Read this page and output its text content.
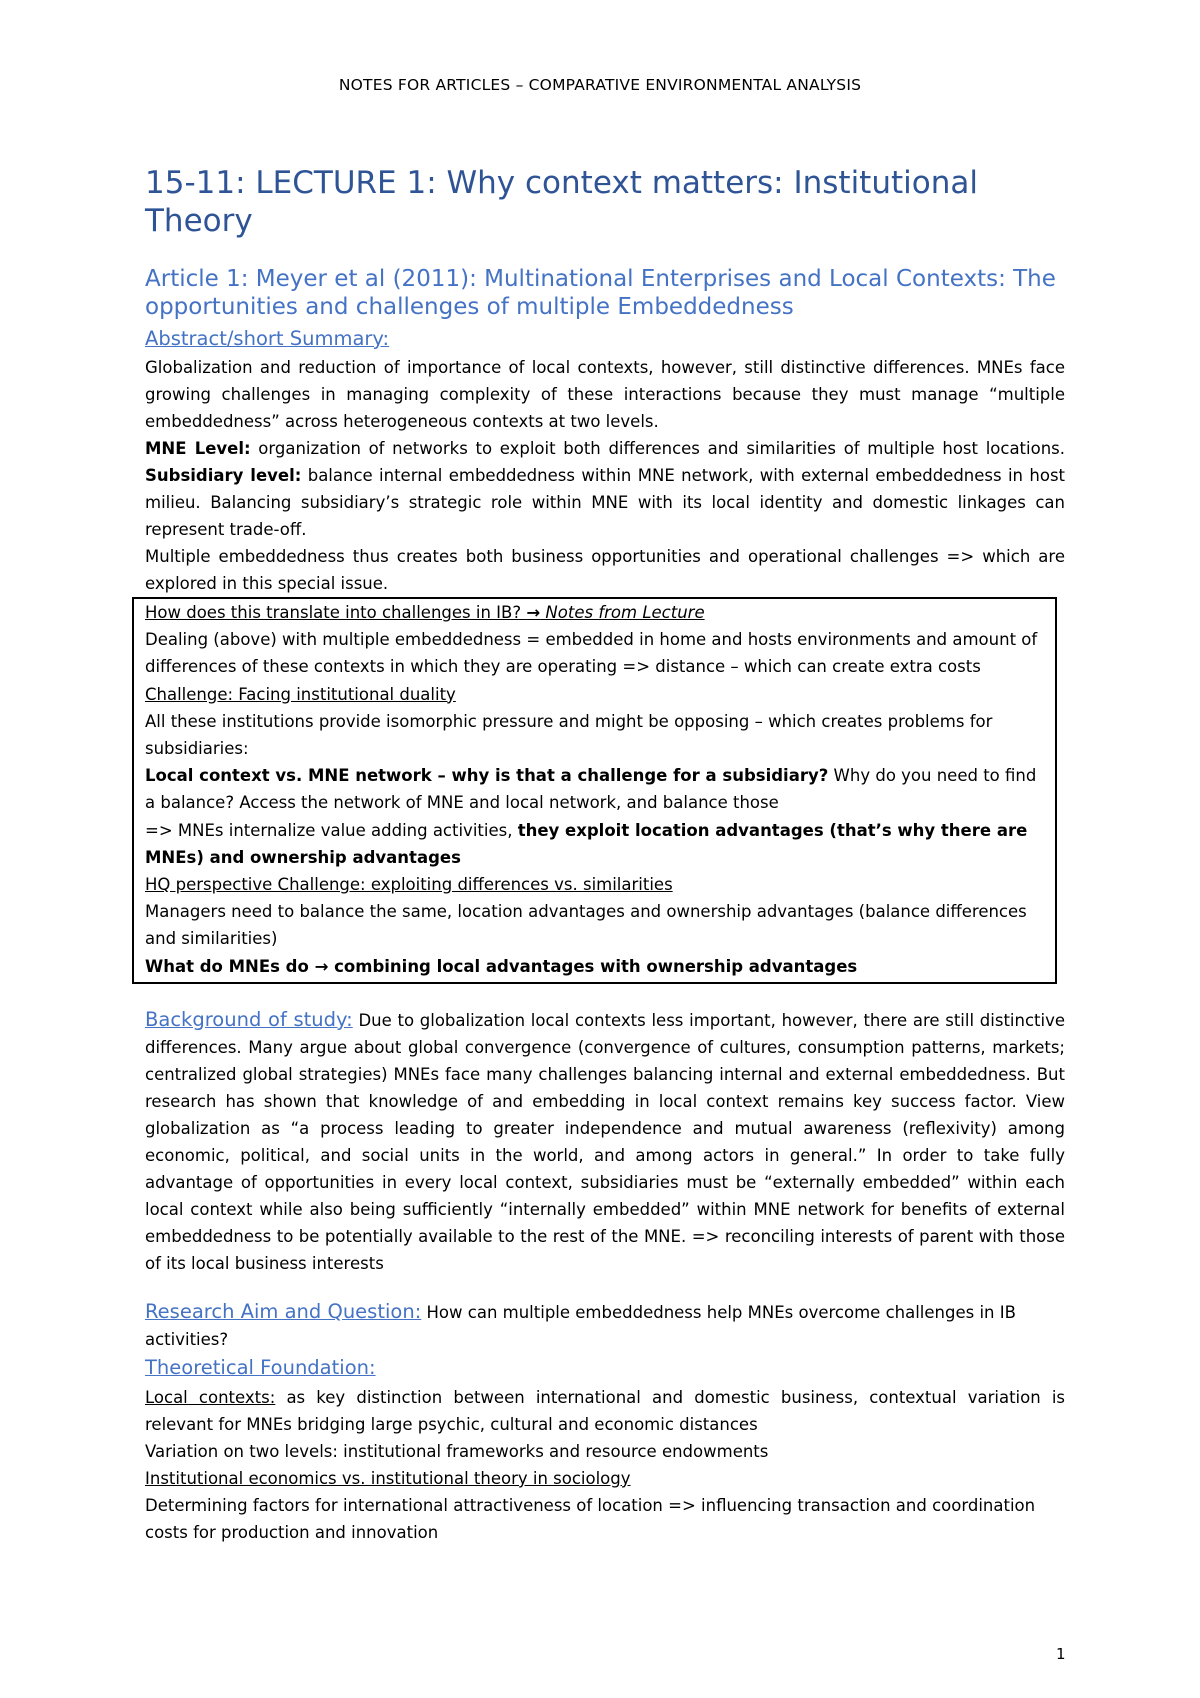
NOTES FOR ARTICLES – COMPARATIVE ENVIRONMENTAL ANALYSIS
15-11: LECTURE 1: Why context matters: Institutional Theory
Article 1: Meyer et al (2011): Multinational Enterprises and Local Contexts: The opportunities and challenges of multiple Embeddedness
Abstract/short Summary:

Globalization and reduction of importance of local contexts, however, still distinctive differences. MNEs face growing challenges in managing complexity of these interactions because they must manage “multiple embeddedness” across heterogeneous contexts at two levels.

MNE Level: organization of networks to exploit both differences and similarities of multiple host locations. Subsidiary level: balance internal embeddedness within MNE network, with external embeddedness in host milieu. Balancing subsidiary’s strategic role within MNE with its local identity and domestic linkages can represent trade-off.

Multiple embeddedness thus creates both business opportunities and operational challenges => which are explored in this special issue.

How does this translate into challenges in IB? → Notes from Lecture

Dealing (above) with multiple embeddedness = embedded in home and hosts environments and amount of differences of these contexts in which they are operating => distance – which can create extra costs

Challenge: Facing institutional duality

All these institutions provide isomorphic pressure and might be opposing – which creates problems for subsidiaries:

Local context vs. MNE network – why is that a challenge for a subsidiary? Why do you need to find a balance? Access the network of MNE and local network, and balance those

=> MNEs internalize value adding activities, they exploit location advantages (that’s why there are MNEs) and ownership advantages

HQ perspective Challenge: exploiting differences vs. similarities

Managers need to balance the same, location advantages and ownership advantages (balance differences and similarities)

What do MNEs do → combining local advantages with ownership advantages

Background of study: Due to globalization local contexts less important, however, there are still distinctive differences. Many argue about global convergence (convergence of cultures, consumption patterns, markets; centralized global strategies) MNEs face many challenges balancing internal and external embeddedness. But research has shown that knowledge of and embedding in local context remains key success factor. View globalization as “a process leading to greater independence and mutual awareness (reflexivity) among economic, political, and social units in the world, and among actors in general.” In order to take fully advantage of opportunities in every local context, subsidiaries must be “externally embedded” within each local context while also being sufficiently “internally embedded” within MNE network for benefits of external embeddedness to be potentially available to the rest of the MNE. => reconciling interests of parent with those of its local business interests

Research Aim and Question: How can multiple embeddedness help MNEs overcome challenges in IB activities?

Theoretical Foundation:

Local contexts: as key distinction between international and domestic business, contextual variation is relevant for MNEs bridging large psychic, cultural and economic distances

Variation on two levels: institutional frameworks and resource endowments

Institutional economics vs. institutional theory in sociology

Determining factors for international attractiveness of location => influencing transaction and coordination costs for production and innovation

1
